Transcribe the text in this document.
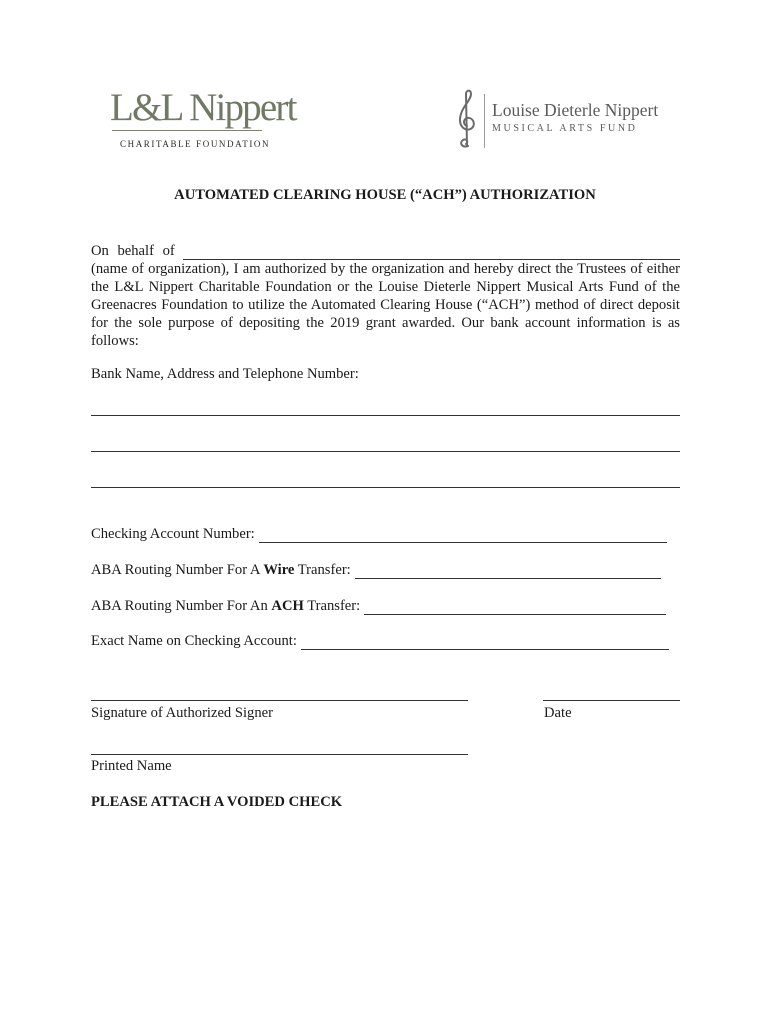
L&L Nippert
CHARITABLE FOUNDATION
Louise Dieterle Nippert
MUSICAL ARTS FUND
AUTOMATED CLEARING HOUSE (“ACH”) AUTHORIZATION
On behalf of
(name of organization), I am authorized by the organization and hereby direct the Trustees of either
the L&L Nippert Charitable Foundation or the Louise Dieterle Nippert Musical Arts Fund of the
Greenacres Foundation to utilize the Automated Clearing House (“ACH”) method of direct deposit
for the sole purpose of depositing the 2019 grant awarded. Our bank account information is as
follows:
Bank Name, Address and Telephone Number:
Checking Account Number:
ABA Routing Number For A Wire Transfer:
ABA Routing Number For An ACH Transfer:
Exact Name on Checking Account:
Signature of Authorized Signer	Date
Printed Name
PLEASE ATTACH A VOIDED CHECK
